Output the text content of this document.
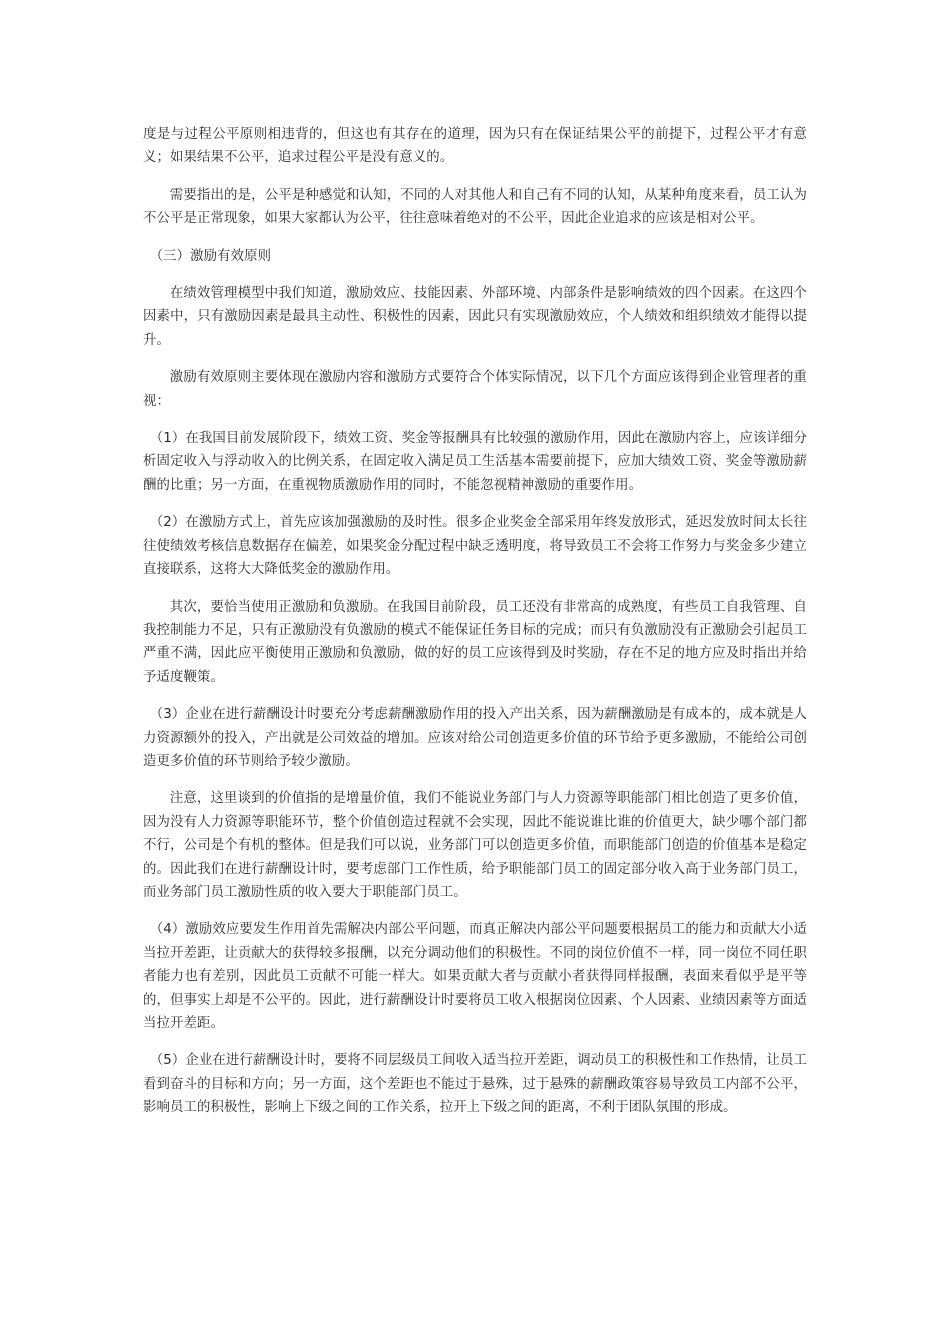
度是与过程公平原则相违背的，但这也有其存在的道理，因为只有在保证结果公平的前提下，过程公平才有意义；如果结果不公平，追求过程公平是没有意义的。

需要指出的是，公平是种感觉和认知，不同的人对其他人和自己有不同的认知，从某种角度来看，员工认为不公平是正常现象，如果大家都认为公平，往往意味着绝对的不公平，因此企业追求的应该是相对公平。

（三）激励有效原则

在绩效管理模型中我们知道，激励效应、技能因素、外部环境、内部条件是影响绩效的四个因素。在这四个因素中，只有激励因素是最具主动性、积极性的因素，因此只有实现激励效应，个人绩效和组织绩效才能得以提升。

激励有效原则主要体现在激励内容和激励方式要符合个体实际情况，以下几个方面应该得到企业管理者的重视：

（1）在我国目前发展阶段下，绩效工资、奖金等报酬具有比较强的激励作用，因此在激励内容上，应该详细分析固定收入与浮动收入的比例关系，在固定收入满足员工生活基本需要前提下，应加大绩效工资、奖金等激励薪酬的比重；另一方面，在重视物质激励作用的同时，不能忽视精神激励的重要作用。

（2）在激励方式上，首先应该加强激励的及时性。很多企业奖金全部采用年终发放形式，延迟发放时间太长往往使绩效考核信息数据存在偏差，如果奖金分配过程中缺乏透明度，将导致员工不会将工作努力与奖金多少建立直接联系，这将大大降低奖金的激励作用。

其次，要恰当使用正激励和负激励。在我国目前阶段，员工还没有非常高的成熟度，有些员工自我管理、自我控制能力不足，只有正激励没有负激励的模式不能保证任务目标的完成；而只有负激励没有正激励会引起员工严重不满，因此应平衡使用正激励和负激励，做的好的员工应该得到及时奖励，存在不足的地方应及时指出并给予适度鞭策。

（3）企业在进行薪酬设计时要充分考虑薪酬激励作用的投入产出关系，因为薪酬激励是有成本的，成本就是人力资源额外的投入，产出就是公司效益的增加。应该对给公司创造更多价值的环节给予更多激励，不能给公司创造更多价值的环节则给予较少激励。

注意，这里谈到的价值指的是增量价值，我们不能说业务部门与人力资源等职能部门相比创造了更多价值，因为没有人力资源等职能环节，整个价值创造过程就不会实现，因此不能说谁比谁的价值更大，缺少哪个部门都不行，公司是个有机的整体。但是我们可以说，业务部门可以创造更多价值，而职能部门创造的价值基本是稳定的。因此我们在进行薪酬设计时，要考虑部门工作性质，给予职能部门员工的固定部分收入高于业务部门员工，而业务部门员工激励性质的收入要大于职能部门员工。

（4）激励效应要发生作用首先需解决内部公平问题，而真正解决内部公平问题要根据员工的能力和贡献大小适当拉开差距，让贡献大的获得较多报酬，以充分调动他们的积极性。不同的岗位价值不一样，同一岗位不同任职者能力也有差别，因此员工贡献不可能一样大。如果贡献大者与贡献小者获得同样报酬，表面来看似乎是平等的，但事实上却是不公平的。因此，进行薪酬设计时要将员工收入根据岗位因素、个人因素、业绩因素等方面适当拉开差距。

（5）企业在进行薪酬设计时，要将不同层级员工间收入适当拉开差距，调动员工的积极性和工作热情，让员工看到奋斗的目标和方向；另一方面，这个差距也不能过于悬殊，过于悬殊的薪酬政策容易导致员工内部不公平，影响员工的积极性，影响上下级之间的工作关系，拉开上下级之间的距离，不利于团队氛围的形成。
